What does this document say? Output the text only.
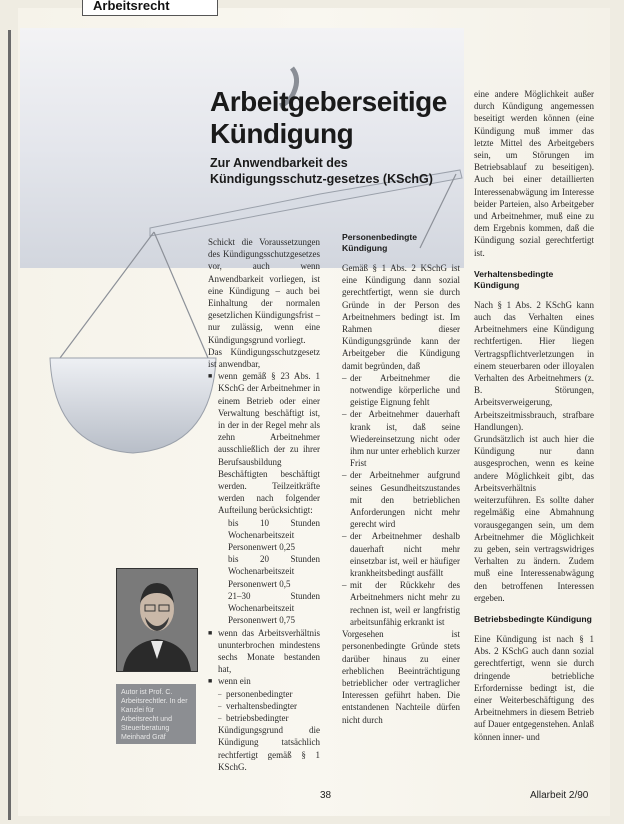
Arbeitsrecht
Arbeitgeberseitige Kündigung
Zur Anwendbarkeit des Kündigungsschutz-gesetzes (KSchG)

Schickt die Voraussetzungen des Kündigungsschutzgesetzes vor, auch wenn Anwendbarkeit vorliegen, ist eine Kündigung – auch bei Einhaltung der normalen gesetzlichen Kündigungsfrist – nur zulässig, wenn eine Kündigungsgrund vorliegt.

Das Kündigungsschutzgesetz ist anwendbar,

■ wenn gemäß § 23 Abs. 1 KSchG der Arbeitnehmer in einem Betrieb oder einer Verwaltung beschäftigt ist, in der in der Regel mehr als zehn Arbeitnehmer ausschließlich der zu ihrer Berufsausbildung Beschäftigten beschäftigt werden. Teilzeitkräfte werden nach folgender Aufteilung berücksichtigt:
bis 10 Stunden Wochenarbeitszeit
Personenwert 0,25
bis 20 Stunden Wochenarbeitszeit
Personenwert 0,5
21–30 Stunden Wochenarbeitszeit
Personenwert 0,75
■ wenn das Arbeitsverhältnis ununterbrochen mindestens sechs Monate bestanden hat,
■ wenn ein
– personenbedingter
– verhaltensbedingter
– betriebsbedingter
Kündigungsgrund die Kündigung tatsächlich rechtfertigt gemäß § 1 KSchG.
Personenbedingte Kündigung

Gemäß § 1 Abs. 2 KSchG ist eine Kündigung dann sozial gerechtfertigt, wenn sie durch Gründe in der Person des Arbeitnehmers bedingt ist. Im Rahmen dieser Kündigungsgründe kann der Arbeitgeber die Kündigung damit begründen, daß

– der Arbeitnehmer die notwendige körperliche und geistige Eignung fehlt
– der Arbeitnehmer dauerhaft krank ist, daß seine Wiedereinsetzung nicht oder ihm nur unter erheblich kurzer Frist
– der Arbeitnehmer aufgrund seines Gesundheitszustandes mit den betrieblichen Anforderungen nicht mehr gerecht wird
– der Arbeitnehmer deshalb dauerhaft nicht mehr einsetzbar ist, weil er häufiger krankheitsbedingt ausfällt
– mit der Rückkehr des Arbeitnehmers nicht mehr zu rechnen ist, weil er langfristig arbeitsunfähig erkrankt ist

Vorgesehen ist personenbedingte Gründe stets darüber hinaus zu einer erheblichen Beeinträchtigung betrieblicher oder vertraglicher Interessen geführt haben. Die entstandenen Nachteile dürfen nicht durch

eine andere Möglichkeit außer durch Kündigung angemessen beseitigt werden können (eine Kündigung muß immer das letzte Mittel des Arbeitgebers sein, um Störungen im Betriebsablauf zu beseitigen). Auch bei einer detaillierten Interessenabwägung im Interesse beider Parteien, also Arbeitgeber und Arbeitnehmer, muß eine zu dem Ergebnis kommen, daß die Kündigung sozial gerechtfertigt ist.

Verhaltensbedingte Kündigung

Nach § 1 Abs. 2 KSchG kann auch das Verhalten eines Arbeitnehmers eine Kündigung rechtfertigen. Hier liegen Vertragspflichtverletzungen in einem steuerbaren oder illoyalen Verhalten des Arbeitnehmers (z. B. Störungen, Arbeitsverweigerung, Arbeitszeitmissbrauch, strafbare Handlungen).

Grundsätzlich ist auch hier die Kündigung nur dann ausgesprochen, wenn es keine andere Möglichkeit gibt, das Arbeitsverhältnis weiterzuführen. Es sollte daher regelmäßig eine Abmahnung vorausgegangen sein, um dem Arbeitnehmer die Möglichkeit zu geben, sein vertragswidriges Verhalten zu ändern. Zudem muß eine Interessenabwägung den betroffenen Interessen ergeben.

Betriebsbedingte Kündigung

Eine Kündigung ist nach § 1 Abs. 2 KSchG auch dann sozial gerechtfertigt, wenn sie durch dringende betriebliche Erfordernisse bedingt ist, die einer Weiterbeschäftigung des Arbeitnehmers in diesem Betrieb auf Dauer entgegenstehen. Anlaß können inner- und

Autor ist Prof. C. Arbeitsrechtler. In der Kanzlei für Arbeitsrecht und Steuerberatung Meinhard Gräf
38	Allarbeit 2/90
